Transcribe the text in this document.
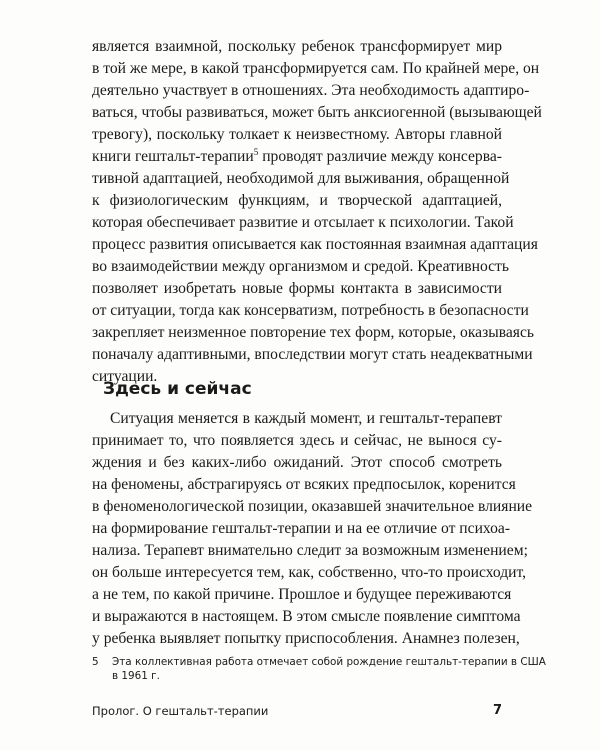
является взаимной, поскольку ребенок трансформирует мир
в той же мере, в какой трансформируется сам. По крайней мере, он
деятельно участвует в отношениях. Эта необходимость адаптиро-
ваться, чтобы развиваться, может быть анксиогенной (вызывающей
тревогу), поскольку толкает к неизвестному. Авторы главной
книги гештальт-терапии$^5$ проводят различие между консерва-
тивной адаптацией, необходимой для выживания, обращенной
к физиологическим функциям, и творческой адаптацией,
которая обеспечивает развитие и отсылает к психологии. Такой
процесс развития описывается как постоянная взаимная адаптация
во взаимодействии между организмом и средой. Креативность
позволяет изобретать новые формы контакта в зависимости
от ситуации, тогда как консерватизм, потребность в безопасности
закрепляет неизменное повторение тех форм, которые, оказываясь
поначалу адаптивными, впоследствии могут стать неадекватными
ситуации.
Здесь и сейчас
Ситуация меняется в каждый момент, и гештальт-терапевт
принимает то, что появляется здесь и сейчас, не вынося су-
ждения и без каких-либо ожиданий. Этот способ смотреть
на феномены, абстрагируясь от всяких предпосылок, коренится
в феноменологической позиции, оказавшей значительное влияние
на формирование гештальт-терапии и на ее отличие от психоа-
нализа. Терапевт внимательно следит за возможным изменением;
он больше интересуется тем, как, собственно, что-то происходит,
а не тем, по какой причине. Прошлое и будущее переживаются
и выражаются в настоящем. В этом смысле появление симптома
у ребенка выявляет попытку приспособления. Анамнез полезен,
5	Эта коллективная работа отмечает собой рождение гештальт-терапии в США
в 1961 г.
Пролог. О гештальт-терапии	7
